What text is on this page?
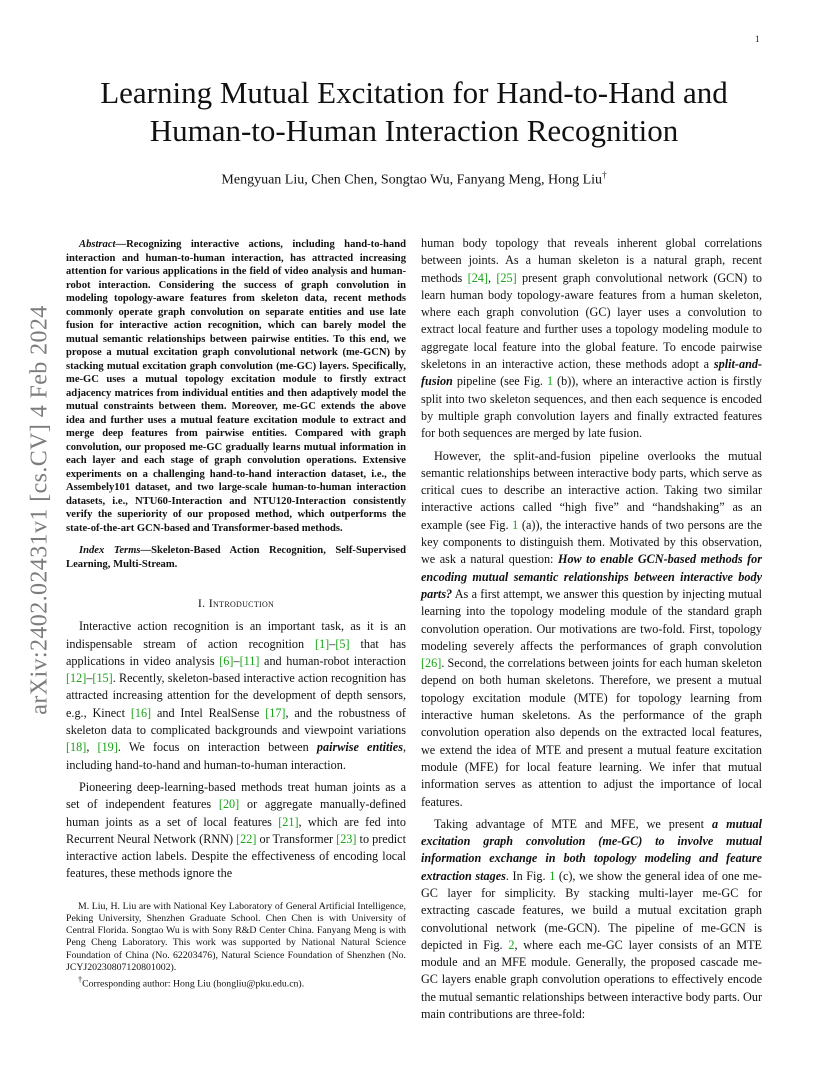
1
arXiv:2402.02431v1 [cs.CV] 4 Feb 2024
Learning Mutual Excitation for Hand-to-Hand and Human-to-Human Interaction Recognition
Mengyuan Liu, Chen Chen, Songtao Wu, Fanyang Meng, Hong Liu†

Abstract—Recognizing interactive actions, including hand-to-hand interaction and human-to-human interaction, has attracted increasing attention for various applications in the field of video analysis and human-robot interaction. Considering the success of graph convolution in modeling topology-aware features from skeleton data, recent methods commonly operate graph convolution on separate entities and use late fusion for interactive action recognition, which can barely model the mutual semantic relationships between pairwise entities. To this end, we propose a mutual excitation graph convolutional network (me-GCN) by stacking mutual excitation graph convolution (me-GC) layers. Specifically, me-GC uses a mutual topology excitation module to firstly extract adjacency matrices from individual entities and then adaptively model the mutual constraints between them. Moreover, me-GC extends the above idea and further uses a mutual feature excitation module to extract and merge deep features from pairwise entities. Compared with graph convolution, our proposed me-GC gradually learns mutual information in each layer and each stage of graph convolution operations. Extensive experiments on a challenging hand-to-hand interaction dataset, i.e., the Assembely101 dataset, and two large-scale human-to-human interaction datasets, i.e., NTU60-Interaction and NTU120-Interaction consistently verify the superiority of our proposed method, which outperforms the state-of-the-art GCN-based and Transformer-based methods.

Index Terms—Skeleton-Based Action Recognition, Self-Supervised Learning, Multi-Stream.

I. Introduction

Interactive action recognition is an important task, as it is an indispensable stream of action recognition [1]–[5] that has applications in video analysis [6]–[11] and human-robot interaction [12]–[15]. Recently, skeleton-based interactive action recognition has attracted increasing attention for the development of depth sensors, e.g., Kinect [16] and Intel RealSense [17], and the robustness of skeleton data to complicated backgrounds and viewpoint variations [18], [19]. We focus on interaction between pairwise entities, including hand-to-hand and human-to-human interaction.

Pioneering deep-learning-based methods treat human joints as a set of independent features [20] or aggregate manually-defined human joints as a set of local features [21], which are fed into Recurrent Neural Network (RNN) [22] or Transformer [23] to predict interactive action labels. Despite the effectiveness of encoding local features, these methods ignore the

M. Liu, H. Liu are with National Key Laboratory of General Artificial Intelligence, Peking University, Shenzhen Graduate School. Chen Chen is with University of Central Florida. Songtao Wu is with Sony R&D Center China. Fanyang Meng is with Peng Cheng Laboratory. This work was supported by National Natural Science Foundation of China (No. 62203476), Natural Science Foundation of Shenzhen (No. JCYJ20230807120801002).

†Corresponding author: Hong Liu (hongliu@pku.edu.cn).

human body topology that reveals inherent global correlations between joints. As a human skeleton is a natural graph, recent methods [24], [25] present graph convolutional network (GCN) to learn human body topology-aware features from a human skeleton, where each graph convolution (GC) layer uses a convolution to extract local feature and further uses a topology modeling module to aggregate local feature into the global feature. To encode pairwise skeletons in an interactive action, these methods adopt a split-and-fusion pipeline (see Fig. 1 (b)), where an interactive action is firstly split into two skeleton sequences, and then each sequence is encoded by multiple graph convolution layers and finally extracted features for both sequences are merged by late fusion.

However, the split-and-fusion pipeline overlooks the mutual semantic relationships between interactive body parts, which serve as critical cues to describe an interactive action. Taking two similar interactive actions called “high five” and “handshaking” as an example (see Fig. 1 (a)), the interactive hands of two persons are the key components to distinguish them. Motivated by this observation, we ask a natural question: How to enable GCN-based methods for encoding mutual semantic relationships between interactive body parts? As a first attempt, we answer this question by injecting mutual learning into the topology modeling module of the standard graph convolution operation. Our motivations are two-fold. First, topology modeling severely affects the performances of graph convolution [26]. Second, the correlations between joints for each human skeleton depend on both human skeletons. Therefore, we present a mutual topology excitation module (MTE) for topology learning from interactive human skeletons. As the performance of the graph convolution operation also depends on the extracted local features, we extend the idea of MTE and present a mutual feature excitation module (MFE) for local feature learning. We infer that mutual information serves as attention to adjust the importance of local features.

Taking advantage of MTE and MFE, we present a mutual excitation graph convolution (me-GC) to involve mutual information exchange in both topology modeling and feature extraction stages. In Fig. 1 (c), we show the general idea of one me-GC layer for simplicity. By stacking multi-layer me-GC for extracting cascade features, we build a mutual excitation graph convolutional network (me-GCN). The pipeline of me-GCN is depicted in Fig. 2, where each me-GC layer consists of an MTE module and an MFE module. Generally, the proposed cascade me-GC layers enable graph convolution operations to effectively encode the mutual semantic relationships between interactive body parts. Our main contributions are three-fold:
